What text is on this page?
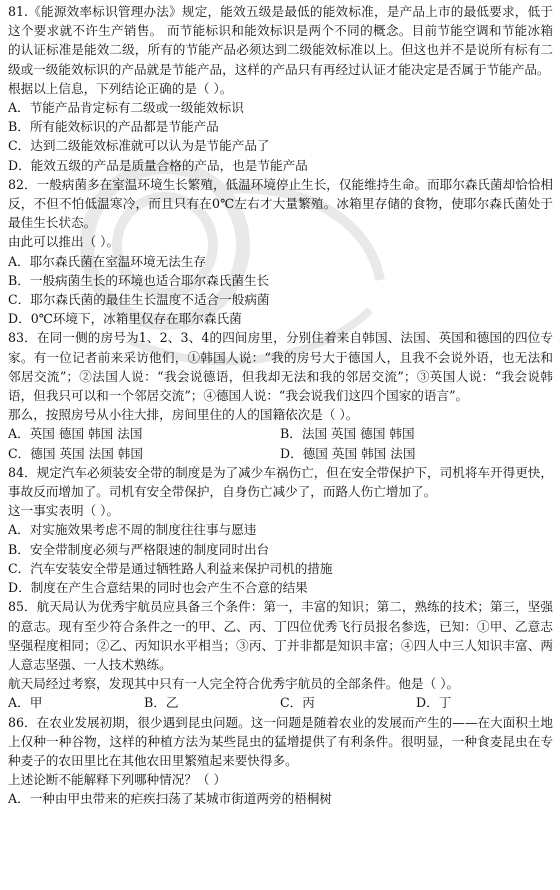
81.《能源效率标识管理办法》规定，能效五级是最低的能效标准，是产品上市的最低要求，低于这个要求就不许生产销售。 而节能标识和能效标识是两个不同的概念。目前节能空调和节能冰箱的认证标准是能效二级，所有的节能产品必须达到二级能效标准以上。但这也并不是说所有标有二级或一级能效标识的产品就是节能产品，这样的产品只有再经过认证才能决定是否属于节能产品。

根据以上信息，下列结论正确的是（ ）。

A．节能产品肯定标有二级或一级能效标识

B．所有能效标识的产品都是节能产品

C．达到二级能效标准就可以认为是节能产品了

D．能效五级的产品是质量合格的产品，也是节能产品

82．一般病菌多在室温环境生长繁殖，低温环境停止生长，仅能维持生命。而耶尔森氏菌却恰恰相反，不但不怕低温寒冷，而且只有在0℃左右才大量繁殖。冰箱里存储的食物，使耶尔森氏菌处于最佳生长状态。

由此可以推出（ ）。

A．耶尔森氏菌在室温环境无法生存

B．一般病菌生长的环境也适合耶尔森氏菌生长

C．耶尔森氏菌的最佳生长温度不适合一般病菌

D．0℃环境下，冰箱里仅存在耶尔森氏菌

83．在同一侧的房号为1、2、3、4的四间房里，分别住着来自韩国、法国、英国和德国的四位专家。有一位记者前来采访他们，①韩国人说：“我的房号大于德国人，且我不会说外语，也无法和邻居交流”；②法国人说：“我会说德语，但我却无法和我的邻居交流”；③英国人说：“我会说韩语，但我只可以和一个邻居交流”；④德国人说：“我会说我们这四个国家的语言”。

那么，按照房号从小往大排，房间里住的人的国籍依次是（ ）。

A．英国 德国 韩国 法国	B．法国 英国 德国 韩国
C．德国 英国 法国 韩国	D．德国 英国 韩国 法国

84．规定汽车必须装安全带的制度是为了减少车祸伤亡，但在安全带保护下，司机将车开得更快，事故反而增加了。司机有安全带保护，自身伤亡减少了，而路人伤亡增加了。

这一事实表明（ ）。

A．对实施效果考虑不周的制度往往事与愿违

B．安全带制度必须与严格限速的制度同时出台

C．汽车安装安全带是通过牺牲路人利益来保护司机的措施

D．制度在产生合意结果的同时也会产生不合意的结果

85．航天局认为优秀宇航员应具备三个条件：第一，丰富的知识；第二，熟练的技术；第三，坚强的意志。现有至少符合条件之一的甲、乙、丙、丁四位优秀飞行员报名参选，已知：①甲、乙意志坚强程度相同；②乙、丙知识水平相当；③丙、丁并非都是知识丰富；④四人中三人知识丰富、两人意志坚强、一人技术熟练。

航天局经过考察，发现其中只有一人完全符合优秀宇航员的全部条件。他是（ ）。

A．甲	B．乙	C．丙	D．丁

86．在农业发展初期，很少遇到昆虫问题。这一问题是随着农业的发展而产生的——在大面积土地上仅种一种谷物，这样的种植方法为某些昆虫的猛增提供了有利条件。很明显，一种食麦昆虫在专种麦子的农田里比在其他农田里繁殖起来要快得多。

上述论断不能解释下列哪种情况？（ ）

A．一种由甲虫带来的疟疾扫荡了某城市街道两旁的梧桐树
